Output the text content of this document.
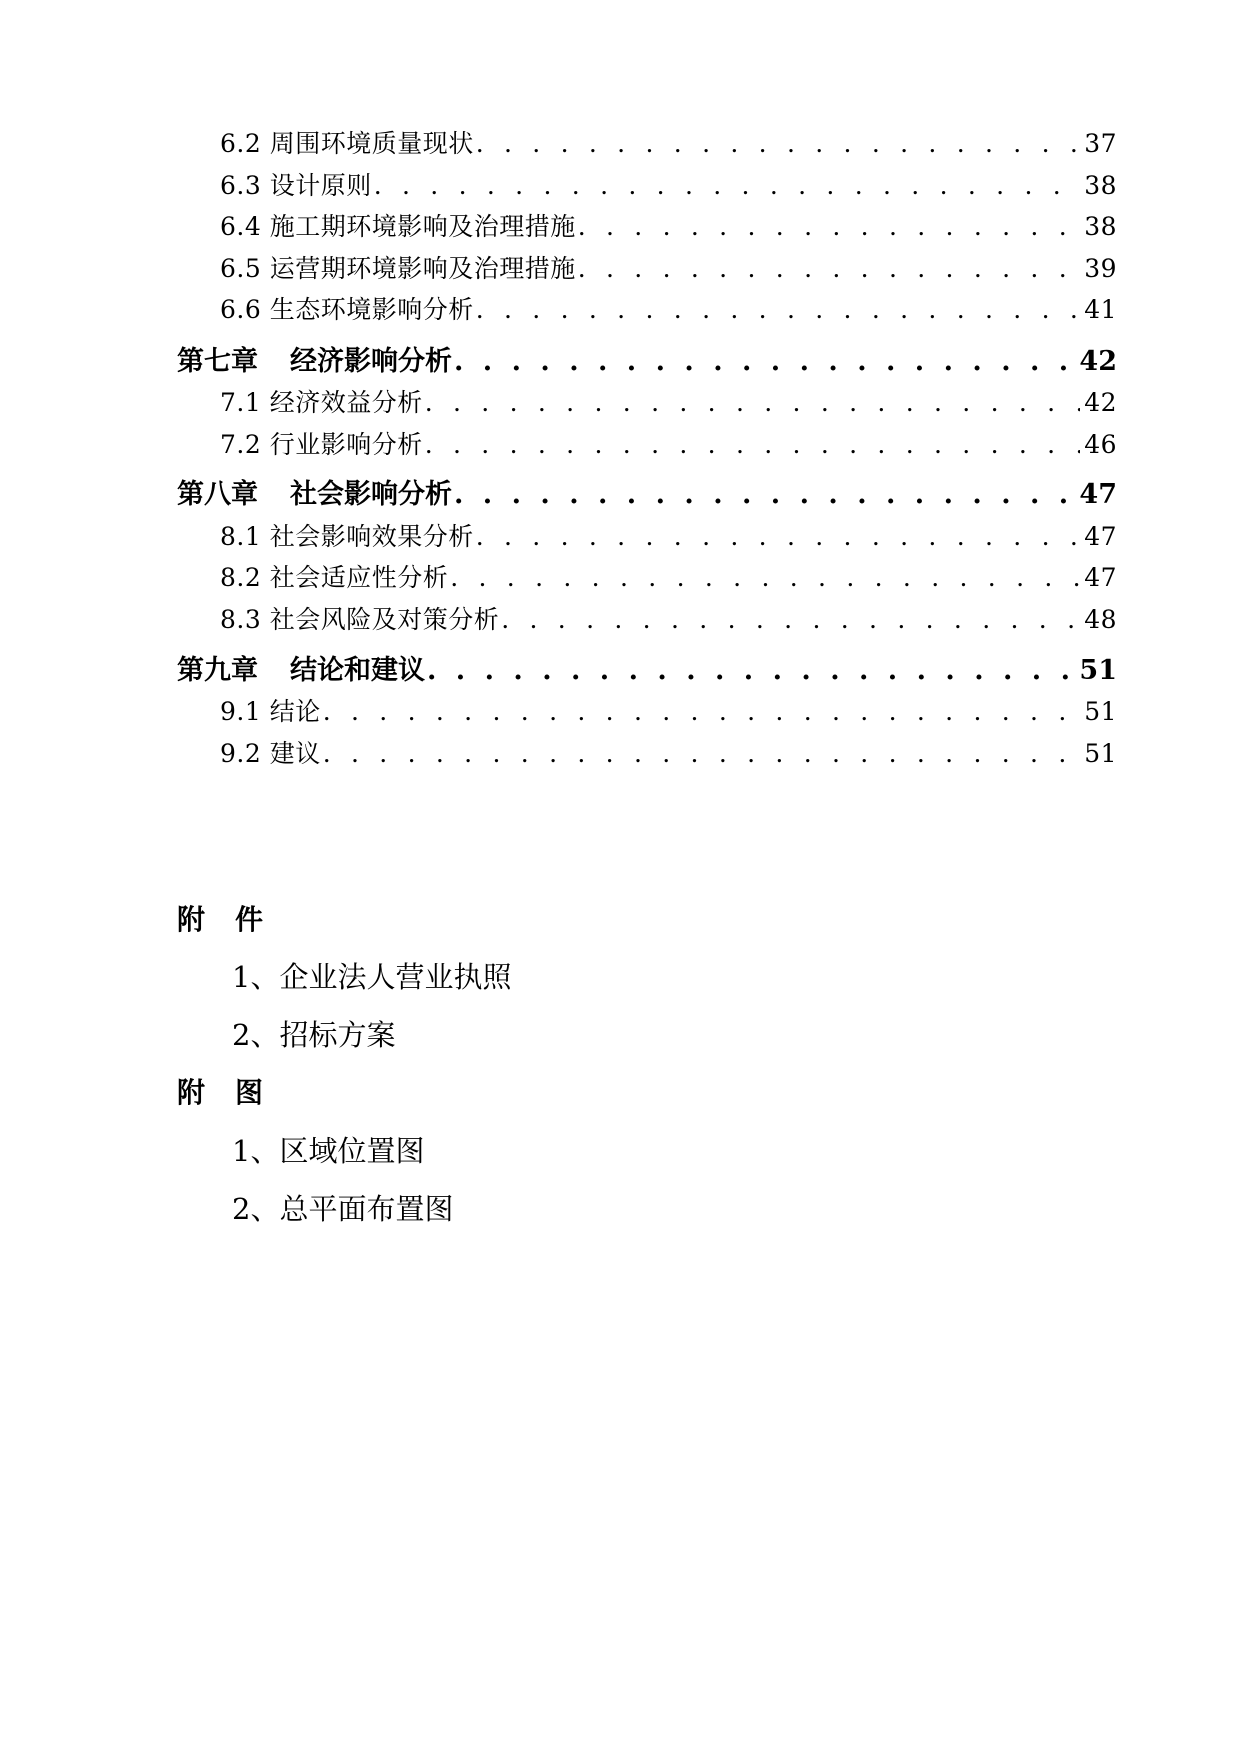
6.2 周围环境质量现状 . . .	37
6.3 设计原则 . . .	38
6.4 施工期环境影响及治理措施 . . .	38
6.5 运营期环境影响及治理措施 . . .	39
6.6 生态环境影响分析 . . .	41
第七章 经济影响分析 . . .	42
7.1 经济效益分析 . . .	42
7.2 行业影响分析 . . .	46
第八章 社会影响分析 . . .	47
8.1 社会影响效果分析 . . .	47
8.2 社会适应性分析 . . .	47
8.3 社会风险及对策分析 . . .	48
第九章 结论和建议 . . .	51
9.1 结论 . . .	51
9.2 建议 . . .	51
附 件
1、企业法人营业执照
2、招标方案
附 图
1、区域位置图
2、总平面布置图
